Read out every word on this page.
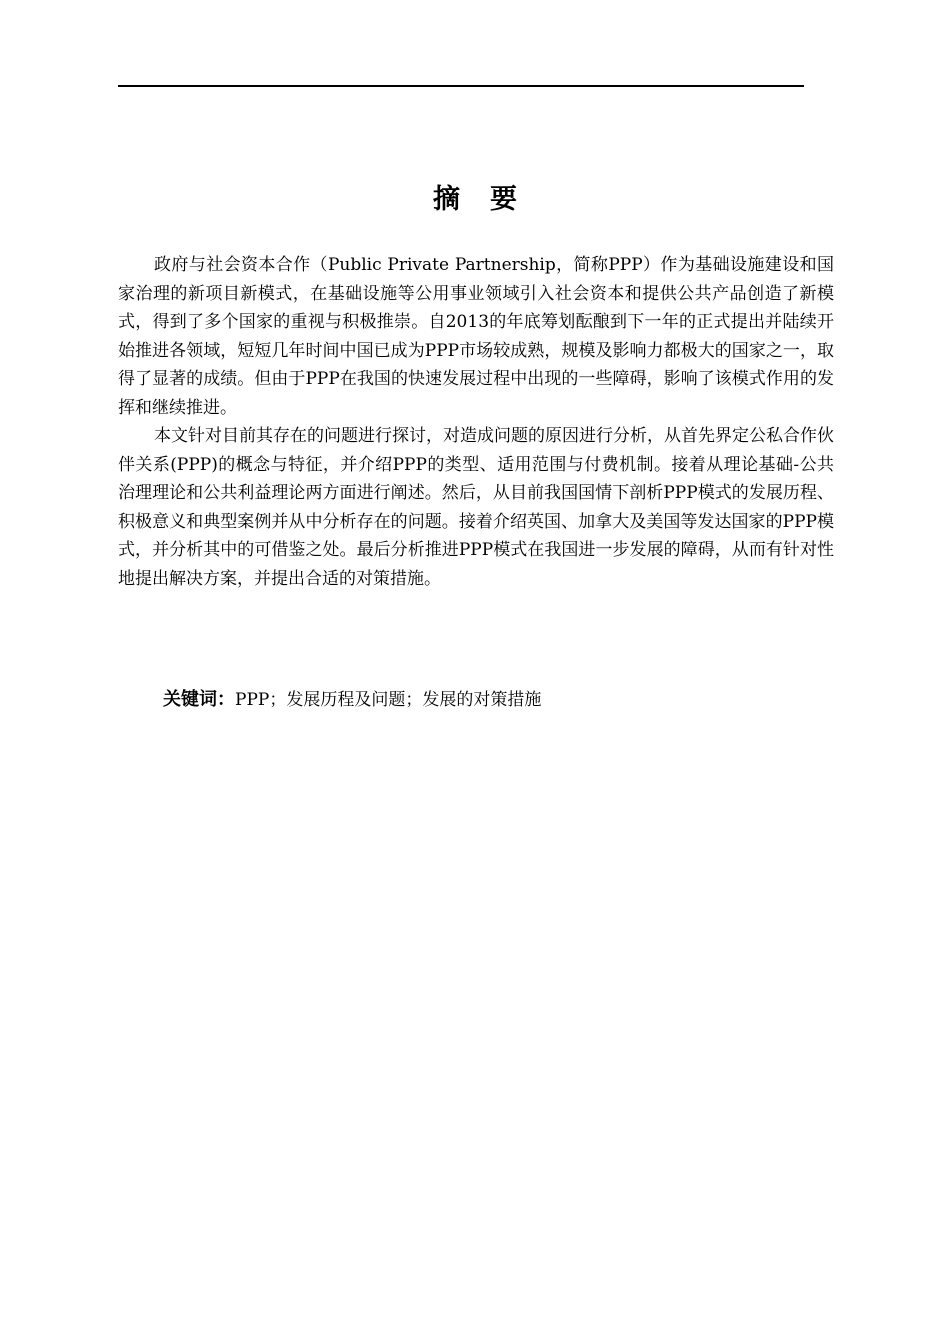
摘要

政府与社会资本合作（Public Private Partnership，简称PPP）作为基础设施建设和国家治理的新项目新模式，在基础设施等公用事业领域引入社会资本和提供公共产品创造了新模式，得到了多个国家的重视与积极推崇。自2013的年底筹划酝酿到下一年的正式提出并陆续开始推进各领域，短短几年时间中国已成为PPP市场较成熟，规模及影响力都极大的国家之一，取得了显著的成绩。但由于PPP在我国的快速发展过程中出现的一些障碍，影响了该模式作用的发挥和继续推进。

本文针对目前其存在的问题进行探讨，对造成问题的原因进行分析，从首先界定公私合作伙伴关系(PPP)的概念与特征，并介绍PPP的类型、适用范围与付费机制。接着从理论基础-公共治理理论和公共利益理论两方面进行阐述。然后，从目前我国国情下剖析PPP模式的发展历程、积极意义和典型案例并从中分析存在的问题。接着介绍英国、加拿大及美国等发达国家的PPP模式，并分析其中的可借鉴之处。最后分析推进PPP模式在我国进一步发展的障碍，从而有针对性地提出解决方案，并提出合适的对策措施。

关键词：PPP；发展历程及问题；发展的对策措施
